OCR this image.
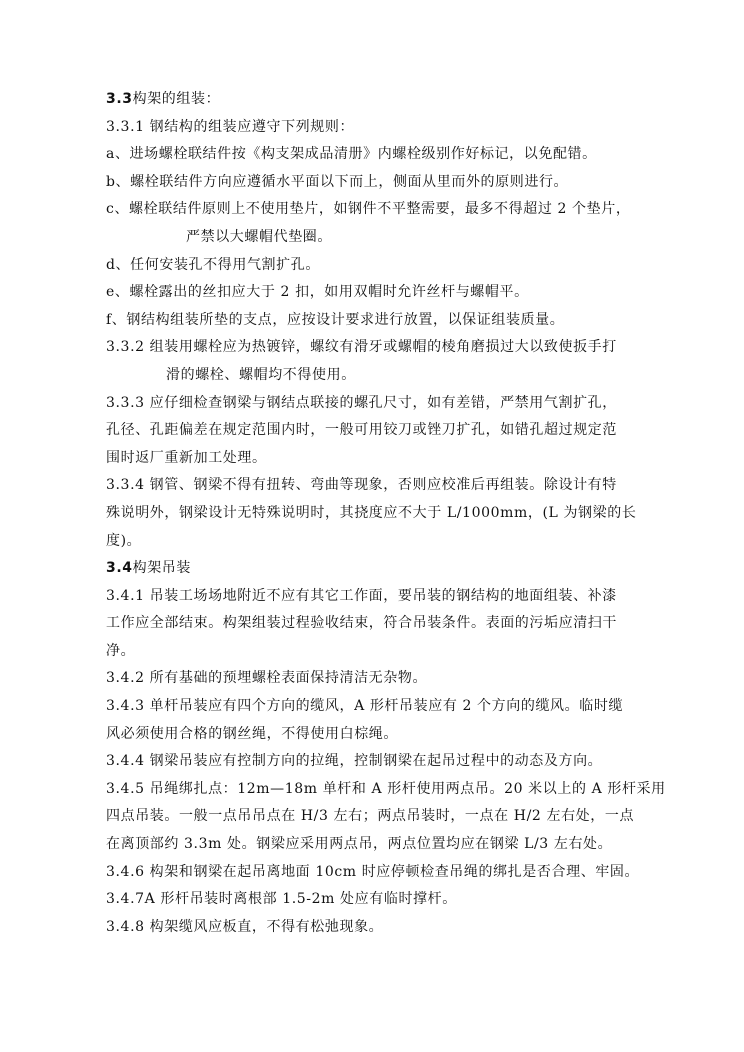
3.3构架的组装：
3.3.1 钢结构的组装应遵守下列规则：
a、进场螺栓联结件按《构支架成品清册》内螺栓级别作好标记，以免配错。
b、螺栓联结件方向应遵循水平面以下而上，侧面从里而外的原则进行。
c、螺栓联结件原则上不使用垫片，如钢件不平整需要，最多不得超过 2 个垫片，
严禁以大螺帽代垫圈。
d、任何安装孔不得用气割扩孔。
e、螺栓露出的丝扣应大于 2 扣，如用双帽时允许丝杆与螺帽平。
f、钢结构组装所垫的支点，应按设计要求进行放置，以保证组装质量。
3.3.2 组装用螺栓应为热镀锌，螺纹有滑牙或螺帽的棱角磨损过大以致使扳手打
滑的螺栓、螺帽均不得使用。
3.3.3 应仔细检查钢梁与钢结点联接的螺孔尺寸，如有差错，严禁用气割扩孔，
孔径、孔距偏差在规定范围内时，一般可用铰刀或锉刀扩孔，如错孔超过规定范
围时返厂重新加工处理。
3.3.4 钢管、钢梁不得有扭转、弯曲等现象，否则应校准后再组装。除设计有特
殊说明外，钢梁设计无特殊说明时，其挠度应不大于 L/1000mm，(L 为钢梁的长
度)。
3.4构架吊装
3.4.1 吊装工场场地附近不应有其它工作面，要吊装的钢结构的地面组装、补漆
工作应全部结束。构架组装过程验收结束，符合吊装条件。表面的污垢应清扫干
净。
3.4.2 所有基础的预埋螺栓表面保持清洁无杂物。
3.4.3 单杆吊装应有四个方向的缆风，A 形杆吊装应有 2 个方向的缆风。临时缆
风必须使用合格的钢丝绳，不得使用白棕绳。
3.4.4 钢梁吊装应有控制方向的拉绳，控制钢梁在起吊过程中的动态及方向。
3.4.5 吊绳绑扎点：12m—18m 单杆和 A 形杆使用两点吊。20 米以上的 A 形杆采用
四点吊装。一般一点吊吊点在 H/3 左右；两点吊装时，一点在 H/2 左右处，一点
在离顶部约 3.3m 处。钢梁应采用两点吊，两点位置均应在钢梁 L/3 左右处。
3.4.6 构架和钢梁在起吊离地面 10cm 时应停顿检查吊绳的绑扎是否合理、牢固。
3.4.7A 形杆吊装时离根部 1.5-2m 处应有临时撑杆。
3.4.8 构架缆风应板直，不得有松弛现象。
